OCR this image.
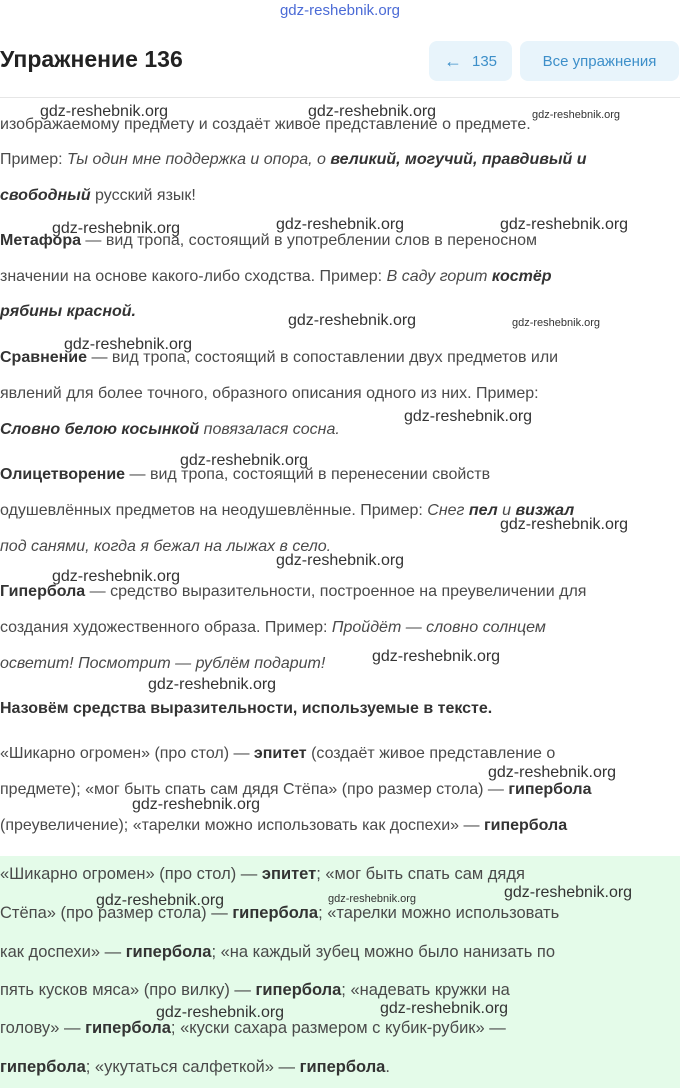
gdz-reshebnik.org
Упражнение 136	← 135	Все упражнения
изображаемому предмету и создаёт живое представление о предмете.
Пример: Ты один мне поддержка и опора, о великий, могучий, правдивый и
свободный русский язык!
Метафора — вид тропа, состоящий в употреблении слов в переносном
значении на основе какого-либо сходства. Пример: В саду горит костёр
рябины красной.
Сравнение — вид тропа, состоящий в сопоставлении двух предметов или
явлений для более точного, образного описания одного из них. Пример:
Словно белою косынкой повязалася сосна.
Олицетворение — вид тропа, состоящий в перенесении свойств
одушевлённых предметов на неодушевлённые. Пример: Снег пел и визжал
под санями, когда я бежал на лыжах в село.
Гипербола — средство выразительности, построенное на преувеличении для
создания художественного образа. Пример: Пройдёт — словно солнцем
осветит! Посмотрит — рублём подарит!
Назовём средства выразительности, используемые в тексте.
«Шикарно огромен» (про стол) — эпитет (создаёт живое представление о
предмете); «мог быть спать сам дядя Стёпа» (про размер стола) — гипербола
(преувеличение); «тарелки можно использовать как доспехи» — гипербола
«Шикарно огромен» (про стол) — эпитет; «мог быть спать сам дядя
Стёпа» (про размер стола) — гипербола; «тарелки можно использовать
как доспехи» — гипербола; «на каждый зубец можно было нанизать по
пять кусков мяса» (про вилку) — гипербола; «надевать кружки на
голову» — гипербола; «куски сахара размером с кубик-рубик» —
гипербола; «укутаться салфеткой» — гипербола.
gdz-reshebnik.org	gdz-reshebnik.org	gdz-reshebnik.org
gdz-reshebnik.org	gdz-reshebnik.org	gdz-reshebnik.org
gdz-reshebnik.org	gdz-reshebnik.org
gdz-reshebnik.org
gdz-reshebnik.org
gdz-reshebnik.org
gdz-reshebnik.org
gdz-reshebnik.org
gdz-reshebnik.org
gdz-reshebnik.org
gdz-reshebnik.org
gdz-reshebnik.org
gdz-reshebnik.org
gdz-reshebnik.org
gdz-reshebnik.org	gdz-reshebnik.org
gdz-reshebnik.org	gdz-reshebnik.org
